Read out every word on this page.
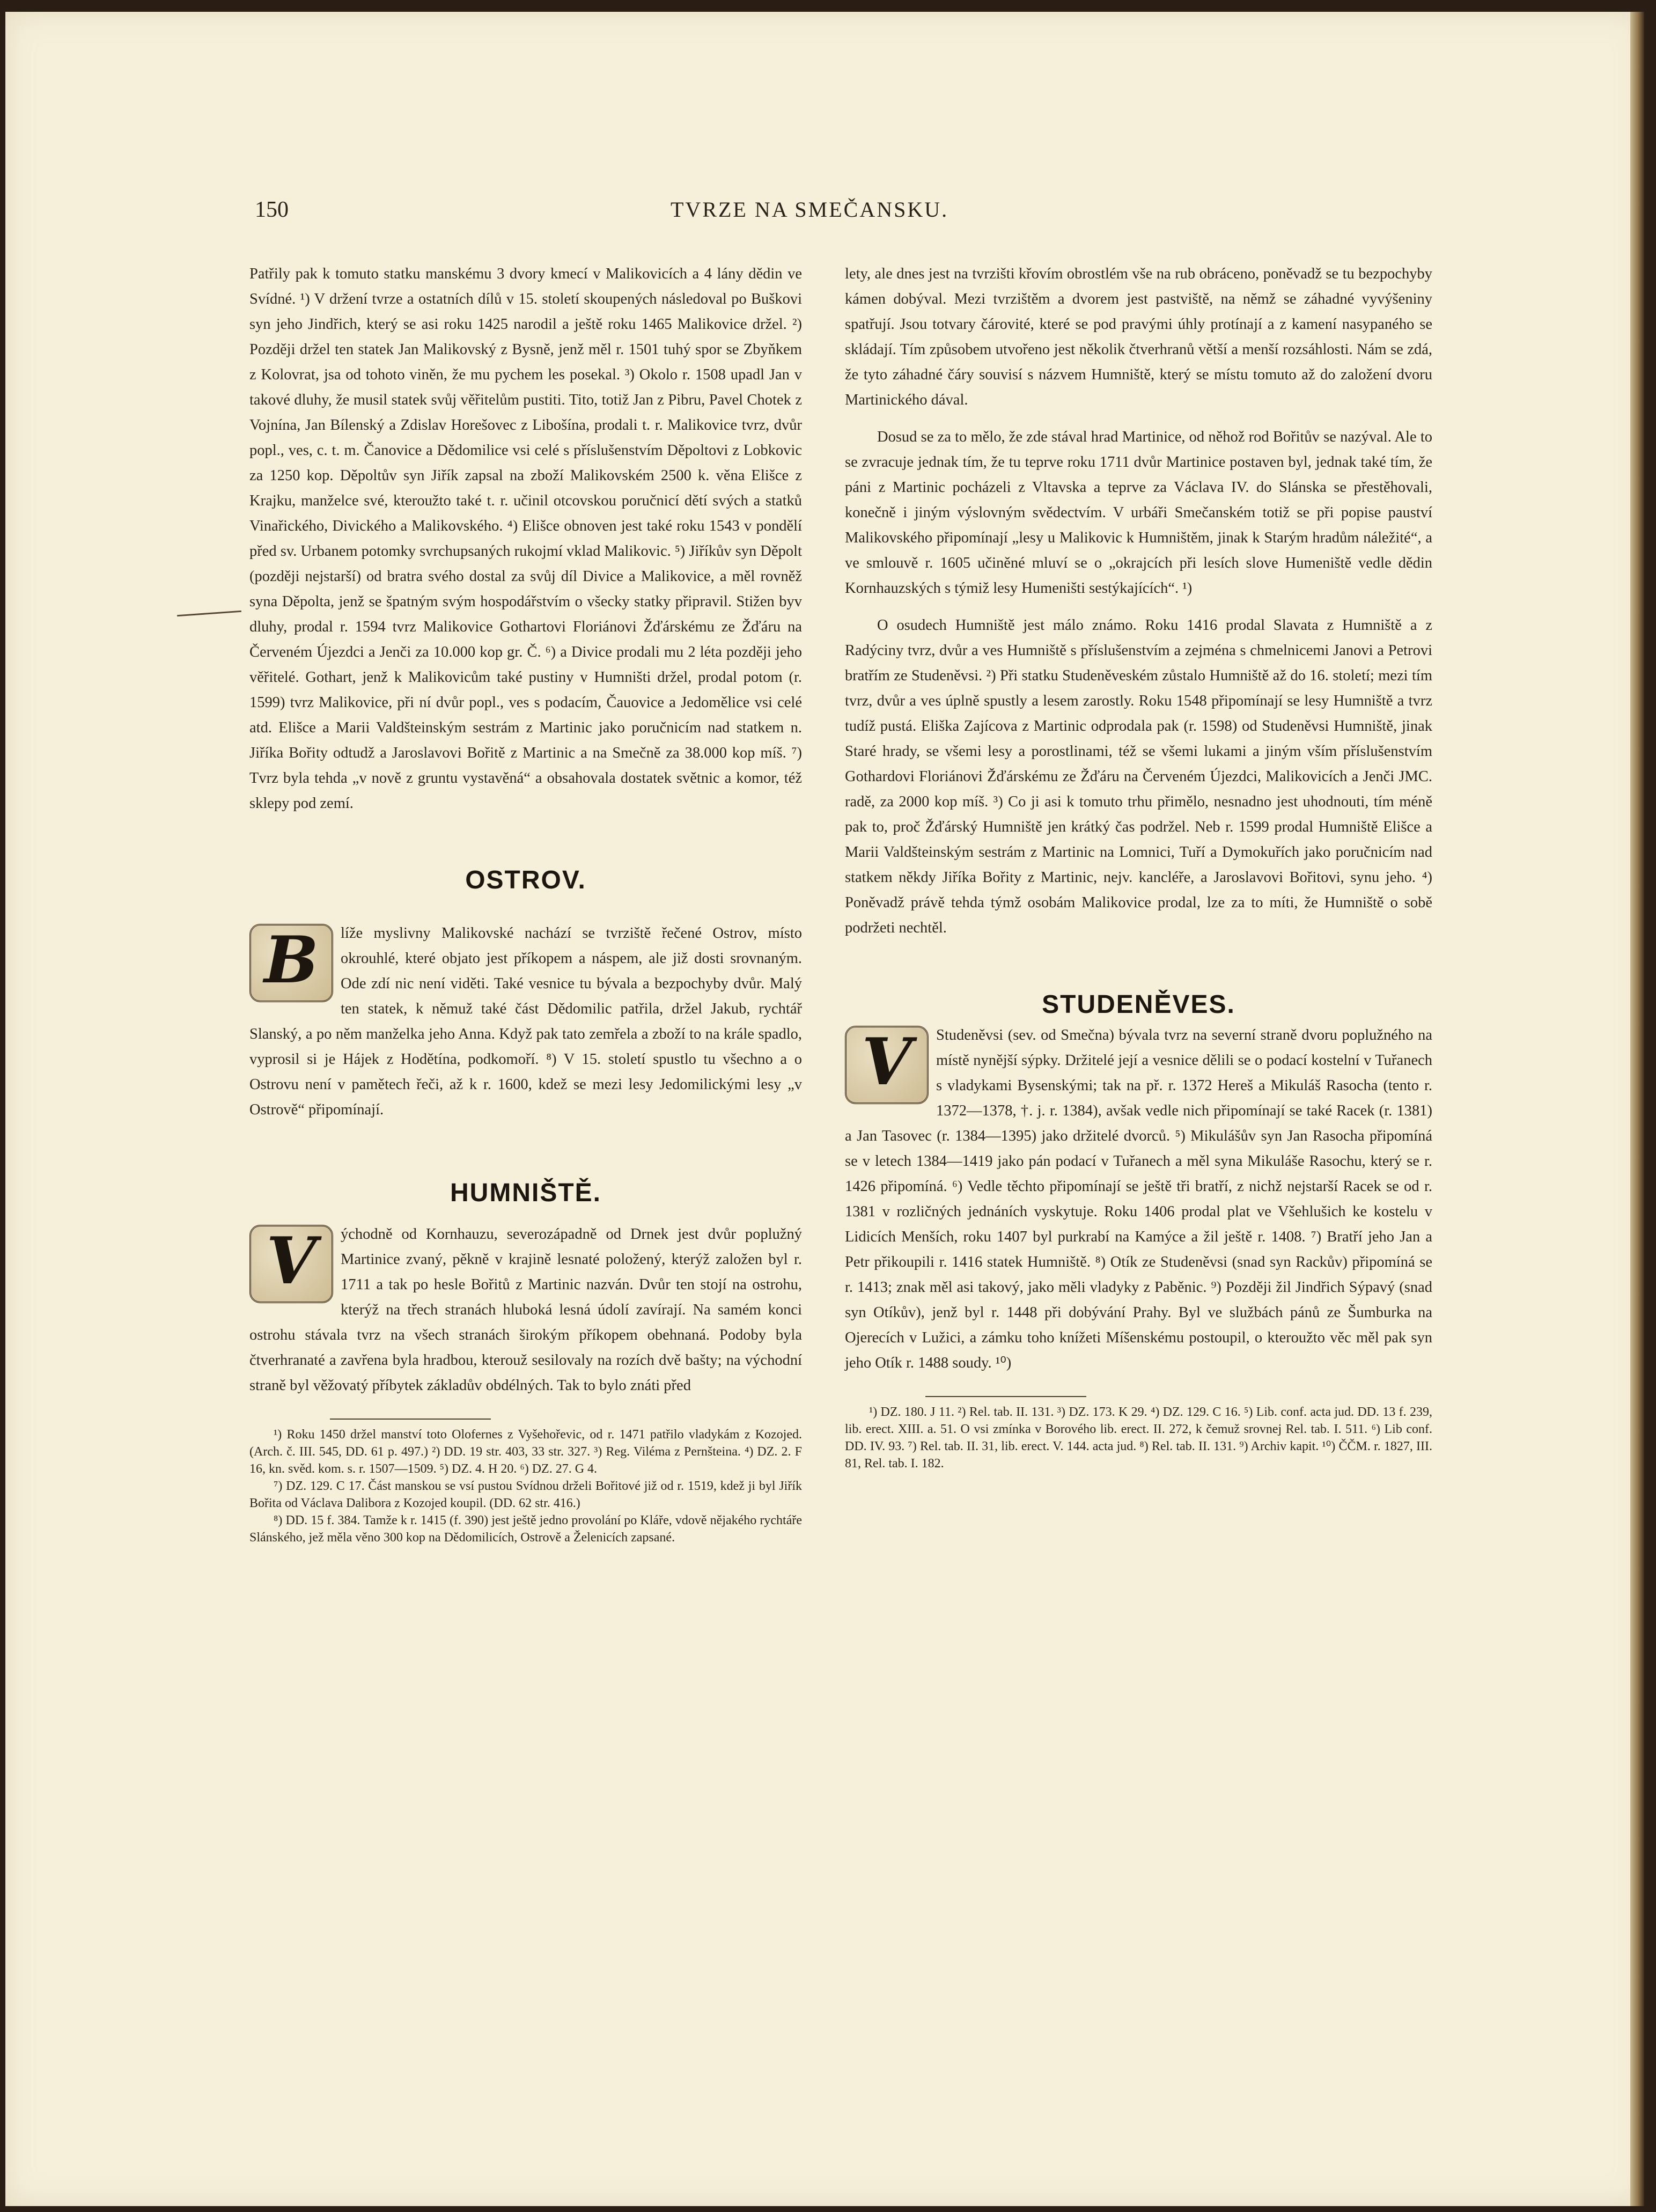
150	TVRZE NA SMEČANSKU.

Patřily pak k tomuto statku manskému 3 dvory kmecí v Malikovicích a 4 lány dědin ve Svídné. ¹) V držení tvrze a ostatních dílů v 15. století skoupených následoval po Buškovi syn jeho Jindřich, který se asi roku 1425 narodil a ještě roku 1465 Malikovice držel. ²) Později držel ten statek Jan Malikovský z Bysně, jenž měl r. 1501 tuhý spor se Zbyňkem z Kolovrat, jsa od tohoto viněn, že mu pychem les posekal. ³) Okolo r. 1508 upadl Jan v takové dluhy, že musil statek svůj věřitelům pustiti. Tito, totiž Jan z Pibru, Pavel Chotek z Vojnína, Jan Bílenský a Zdislav Horešovec z Libošína, prodali t. r. Malikovice tvrz, dvůr popl., ves, c. t. m. Čanovice a Dědomilice vsi celé s příslušenstvím Děpoltovi z Lobkovic za 1250 kop. Děpoltův syn Jiřík zapsal na zboží Malikovském 2500 k. věna Elišce z Krajku, manželce své, kteroužto také t. r. učinil otcovskou poručnicí dětí svých a statků Vinařického, Divického a Malikovského. ⁴) Elišce obnoven jest také roku 1543 v pondělí před sv. Urbanem potomky svrchupsaných rukojmí vklad Malikovic. ⁵) Jiříkův syn Děpolt (později nejstarší) od bratra svého dostal za svůj díl Divice a Malikovice, a měl rovněž syna Děpolta, jenž se špatným svým hospodářstvím o všecky statky připravil. Stižen byv dluhy, prodal r. 1594 tvrz Malikovice Gothartovi Floriánovi Žďárskému ze Žďáru na Červeném Újezdci a Jenči za 10.000 kop gr. Č. ⁶) a Divice prodali mu 2 léta později jeho věřitelé. Gothart, jenž k Malikovicům také pustiny v Humništi držel, prodal potom (r. 1599) tvrz Malikovice, při ní dvůr popl., ves s podacím, Čauovice a Jedomělice vsi celé atd. Elišce a Marii Valdšteinským sestrám z Martinic jako poručnicím nad statkem n. Jiříka Bořity odtudž a Jaroslavovi Bořitě z Martinic a na Smečně za 38.000 kop míš. ⁷) Tvrz byla tehda „v nově z gruntu vystavěná“ a obsahovala dostatek světnic a komor, též sklepy pod zemí.

OSTROV.
B	líže myslivny Malikovské nachází se tvrziště řečené Ostrov, místo okrouhlé, které objato jest příkopem a náspem, ale již dosti srovnaným. Ode zdí nic není viděti. Také vesnice tu bývala a bezpochyby dvůr. Malý ten statek, k němuž také část Dědomilic patřila, držel Jakub, rychtář Slanský, a po něm manželka jeho Anna. Když pak tato zemřela a zboží to na krále spadlo, vyprosil si je Hájek z Hodětína, podkomoří. ⁸) V 15. století spustlo tu všechno a o Ostrovu není v pamětech řeči, až k r. 1600, kdež se mezi lesy Jedomilickými lesy „v Ostrově“ připomínají.

HUMNIŠTĚ.
V	ýchodně od Kornhauzu, severozápadně od Drnek jest dvůr poplužný Martinice zvaný, pěkně v krajině lesnaté položený, kterýž založen byl r. 1711 a tak po hesle Bořitů z Martinic nazván. Dvůr ten stojí na ostrohu, kterýž na třech stranách hluboká lesná údolí zavírají. Na samém konci ostrohu stávala tvrz na všech stranách širokým příkopem obehnaná. Podoby byla čtverhranaté a zavřena byla hradbou, kterouž sesilovaly na rozích dvě bašty; na východní straně byl věžovatý příbytek základův obdélných. Tak to bylo znáti před

¹) Roku 1450 držel manství toto Olofernes z Vyšehořevic, od r. 1471 patřilo vladykám z Kozojed. (Arch. č. III. 545, DD. 61 p. 497.) ²) DD. 19 str. 403, 33 str. 327. ³) Reg. Viléma z Pernšteina. ⁴) DZ. 2. F 16, kn. svěd. kom. s. r. 1507—1509. ⁵) DZ. 4. H 20. ⁶) DZ. 27. G 4.

⁷) DZ. 129. C 17. Část manskou se vsí pustou Svídnou drželi Bořitové již od r. 1519, kdež ji byl Jiřík Bořita od Václava Dalibora z Kozojed koupil. (DD. 62 str. 416.)

⁸) DD. 15 f. 384. Tamže k r. 1415 (f. 390) jest ještě jedno provolání po Kláře, vdově nějakého rychtáře Slánského, jež měla věno 300 kop na Dědomilicích, Ostrově a Želenicích zapsané.

lety, ale dnes jest na tvrzišti křovím obrostlém vše na rub obráceno, poněvadž se tu bezpochyby kámen dobýval. Mezi tvrzištěm a dvorem jest pastviště, na němž se záhadné vyvýšeniny spatřují. Jsou totvary čárovité, které se pod pravými úhly protínají a z kamení nasypaného se skládají. Tím způsobem utvořeno jest několik čtverhranů větší a menší rozsáhlosti. Nám se zdá, že tyto záhadné čáry souvisí s názvem Humniště, který se místu tomuto až do založení dvoru Martinického dával.

Dosud se za to mělo, že zde stával hrad Martinice, od něhož rod Bořitův se nazýval. Ale to se zvracuje jednak tím, že tu teprve roku 1711 dvůr Martinice postaven byl, jednak také tím, že páni z Martinic pocházeli z Vltavska a teprve za Václava IV. do Slánska se přestěhovali, konečně i jiným výslovným svědectvím. V urbáři Smečanském totiž se při popise pauství Malikovského připomínají „lesy u Malikovic k Humništěm, jinak k Starým hradům náležité“, a ve smlouvě r. 1605 učiněné mluví se o „okrajcích při lesích slove Humeniště vedle dědin Kornhauzských s týmiž lesy Humeništi sestýkajících“. ¹)

O osudech Humniště jest málo známo. Roku 1416 prodal Slavata z Humniště a z Radýciny tvrz, dvůr a ves Humniště s příslušenstvím a zejména s chmelnicemi Janovi a Petrovi bratřím ze Studeněvsi. ²) Při statku Studeněveském zůstalo Humniště až do 16. století; mezi tím tvrz, dvůr a ves úplně spustly a lesem zarostly. Roku 1548 připomínají se lesy Humniště a tvrz tudíž pustá. Eliška Zajícova z Martinic odprodala pak (r. 1598) od Studeněvsi Humniště, jinak Staré hrady, se všemi lesy a porostlinami, též se všemi lukami a jiným vším příslušenstvím Gothardovi Floriánovi Žďárskému ze Žďáru na Červeném Újezdci, Malikovicích a Jenči JMC. radě, za 2000 kop míš. ³) Co ji asi k tomuto trhu přimělo, nesnadno jest uhodnouti, tím méně pak to, proč Žďárský Humniště jen krátký čas podržel. Neb r. 1599 prodal Humniště Elišce a Marii Valdšteinským sestrám z Martinic na Lomnici, Tuří a Dymokuřích jako poručnicím nad statkem někdy Jiříka Bořity z Martinic, nejv. kancléře, a Jaroslavovi Bořitovi, synu jeho. ⁴) Poněvadž právě tehda týmž osobám Malikovice prodal, lze za to míti, že Humniště o sobě podržeti nechtěl.

STUDENĚVES.
V	Studeněvsi (sev. od Smečna) bývala tvrz na severní straně dvoru poplužného na místě nynější sýpky. Držitelé její a vesnice dělili se o podací kostelní v Tuřanech s vladykami Bysenskými; tak na př. r. 1372 Hereš a Mikuláš Rasocha (tento r. 1372—1378, †. j. r. 1384), avšak vedle nich připomínají se také Racek (r. 1381) a Jan Tasovec (r. 1384—1395) jako držitelé dvorců. ⁵) Mikulášův syn Jan Rasocha připomíná se v letech 1384—1419 jako pán podací v Tuřanech a měl syna Mikuláše Rasochu, který se r. 1426 připomíná. ⁶) Vedle těchto připomínají se ještě tři bratří, z nichž nejstarší Racek se od r. 1381 v rozličných jednáních vyskytuje. Roku 1406 prodal plat ve Všehlušich ke kostelu v Lidicích Menších, roku 1407 byl purkrabí na Kamýce a žil ještě r. 1408. ⁷) Bratří jeho Jan a Petr přikoupili r. 1416 statek Humniště. ⁸) Otík ze Studeněvsi (snad syn Rackův) připomíná se r. 1413; znak měl asi takový, jako měli vladyky z Paběnic. ⁹) Později žil Jindřich Sýpavý (snad syn Otíkův), jenž byl r. 1448 při dobývání Prahy. Byl ve službách pánů ze Šumburka na Ojerecích v Lužici, a zámku toho knížeti Míšenskému postoupil, o kteroužto věc měl pak syn jeho Otík r. 1488 soudy. ¹⁰)

¹) DZ. 180. J 11. ²) Rel. tab. II. 131. ³) DZ. 173. K 29. ⁴) DZ. 129. C 16. ⁵) Lib. conf. acta jud. DD. 13 f. 239, lib. erect. XIII. a. 51. O vsi zmínka v Borového lib. erect. II. 272, k čemuž srovnej Rel. tab. I. 511. ⁶) Lib conf. DD. IV. 93. ⁷) Rel. tab. II. 31, lib. erect. V. 144. acta jud. ⁸) Rel. tab. II. 131. ⁹) Archiv kapit. ¹⁰) ČČM. r. 1827, III. 81, Rel. tab. I. 182.
